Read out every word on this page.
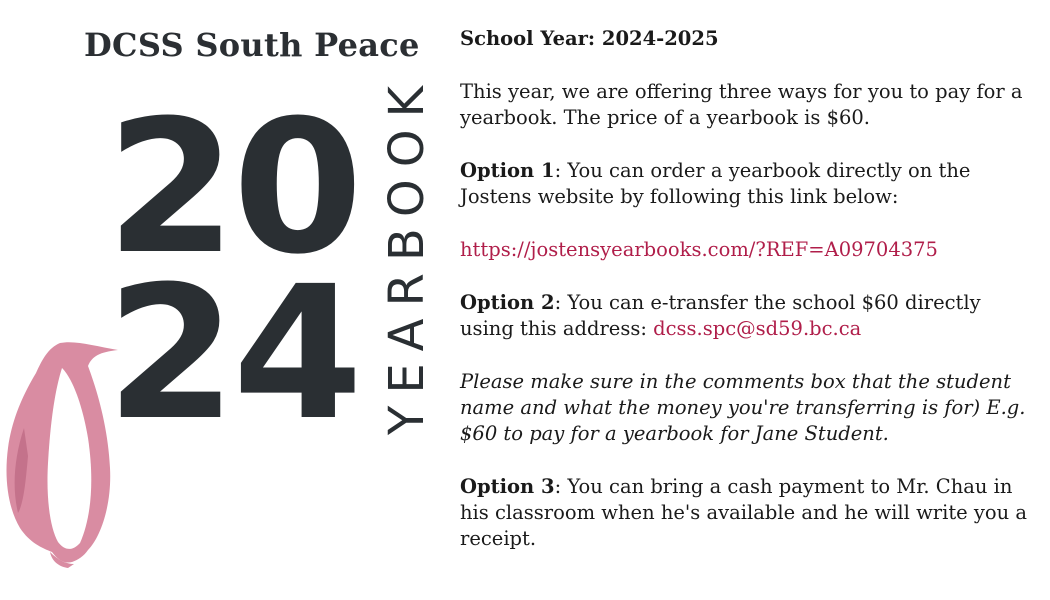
DCSS South Peace
20
24 YEARBOOK

School Year: 2024-2025

This year, we are offering three ways for you to pay for a yearbook. The price of a yearbook is $60.

Option 1: You can order a yearbook directly on the Jostens website by following this link below:

https://jostensyearbooks.com/?REF=A09704375

Option 2: You can e-transfer the school $60 directly using this address: dcss.spc@sd59.bc.ca

Please make sure in the comments box that the student name and what the money you're transferring is for) E.g. $60 to pay for a yearbook for Jane Student.

Option 3: You can bring a cash payment to Mr. Chau in his classroom when he's available and he will write you a receipt.
